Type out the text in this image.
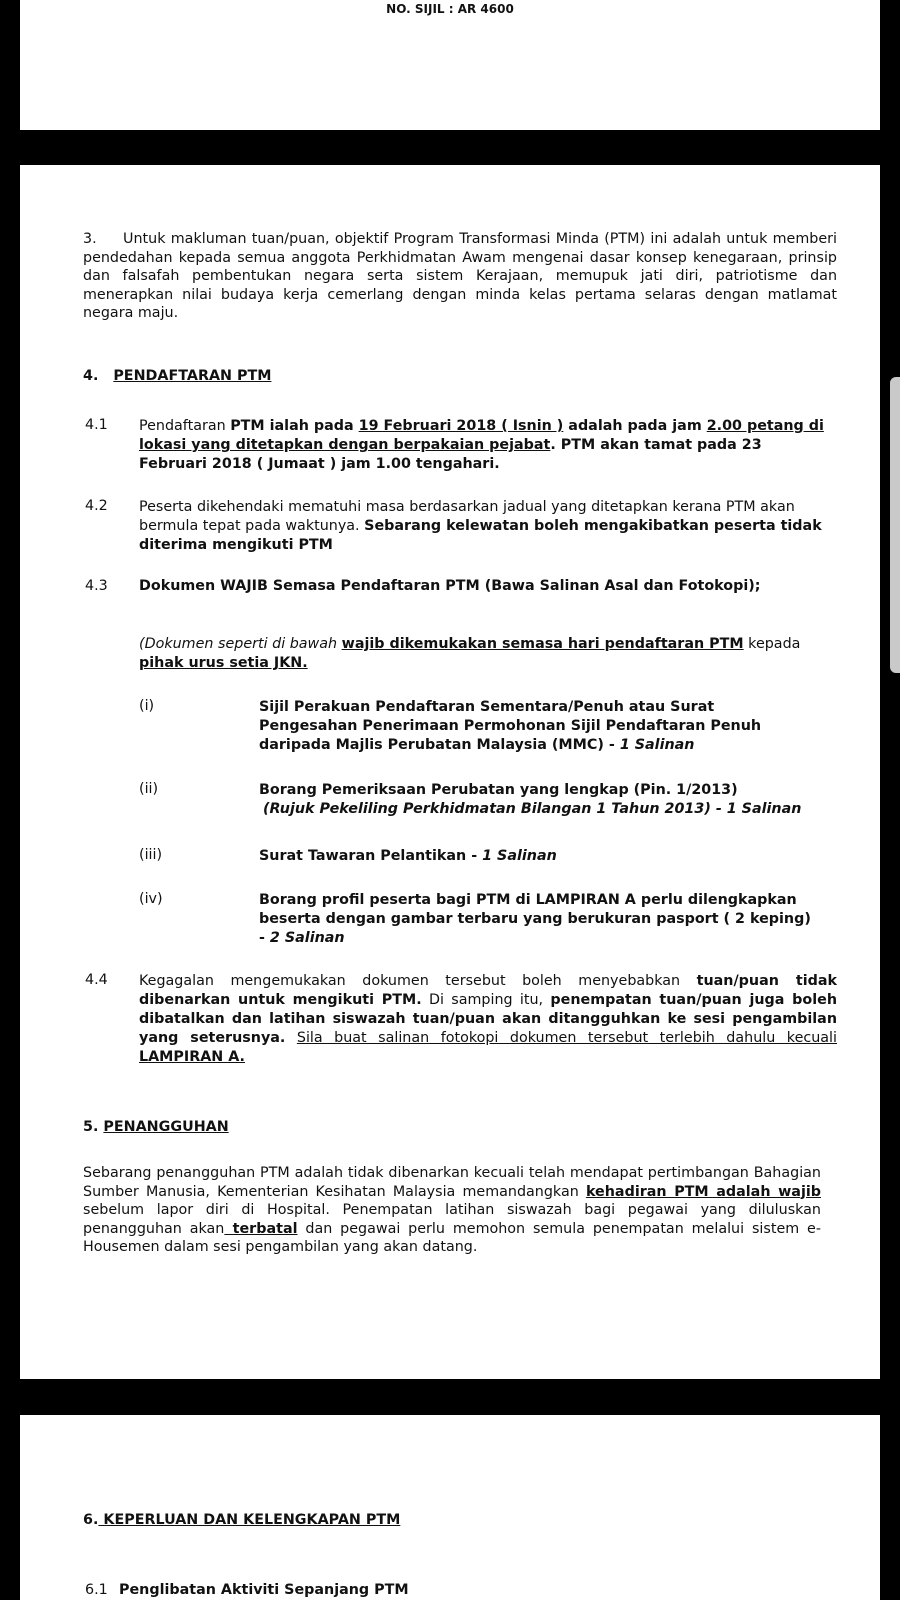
NO. SIJIL : AR 4600
3. Untuk makluman tuan/puan, objektif Program Transformasi Minda (PTM) ini adalah untuk memberi pendedahan kepada semua anggota Perkhidmatan Awam mengenai dasar konsep kenegaraan, prinsip dan falsafah pembentukan negara serta sistem Kerajaan, memupuk jati diri, patriotisme dan menerapkan nilai budaya kerja cemerlang dengan minda kelas pertama selaras dengan matlamat negara maju.
4. PENDAFTARAN PTM
4.1 Pendaftaran PTM ialah pada 19 Februari 2018 ( Isnin ) adalah pada jam 2.00 petang di lokasi yang ditetapkan dengan berpakaian pejabat. PTM akan tamat pada 23 Februari 2018 ( Jumaat ) jam 1.00 tengahari.
4.2 Peserta dikehendaki mematuhi masa berdasarkan jadual yang ditetapkan kerana PTM akan bermula tepat pada waktunya. Sebarang kelewatan boleh mengakibatkan peserta tidak diterima mengikuti PTM
4.3 Dokumen WAJIB Semasa Pendaftaran PTM (Bawa Salinan Asal dan Fotokopi);
(Dokumen seperti di bawah wajib dikemukakan semasa hari pendaftaran PTM kepada pihak urus setia JKN.
(i)	Sijil Perakuan Pendaftaran Sementara/Penuh atau Surat Pengesahan Penerimaan Permohonan Sijil Pendaftaran Penuh daripada Majlis Perubatan Malaysia (MMC) - 1 Salinan
(ii)	Borang Pemeriksaan Perubatan yang lengkap (Pin. 1/2013)
(Rujuk Pekeliling Perkhidmatan Bilangan 1 Tahun 2013) - 1 Salinan
(iii)	Surat Tawaran Pelantikan - 1 Salinan
(iv)	Borang profil peserta bagi PTM di LAMPIRAN A perlu dilengkapkan beserta dengan gambar terbaru yang berukuran pasport ( 2 keping) - 2 Salinan
4.4 Kegagalan mengemukakan dokumen tersebut boleh menyebabkan tuan/puan tidak dibenarkan untuk mengikuti PTM. Di samping itu, penempatan tuan/puan juga boleh dibatalkan dan latihan siswazah tuan/puan akan ditangguhkan ke sesi pengambilan yang seterusnya. Sila buat salinan fotokopi dokumen tersebut terlebih dahulu kecuali LAMPIRAN A.
5. PENANGGUHAN
Sebarang penangguhan PTM adalah tidak dibenarkan kecuali telah mendapat pertimbangan Bahagian Sumber Manusia, Kementerian Kesihatan Malaysia memandangkan kehadiran PTM adalah wajib sebelum lapor diri di Hospital. Penempatan latihan siswazah bagi pegawai yang diluluskan penangguhan akan terbatal dan pegawai perlu memohon semula penempatan melalui sistem e-Housemen dalam sesi pengambilan yang akan datang.
6. KEPERLUAN DAN KELENGKAPAN PTM
6.1 Penglibatan Aktiviti Sepanjang PTM
